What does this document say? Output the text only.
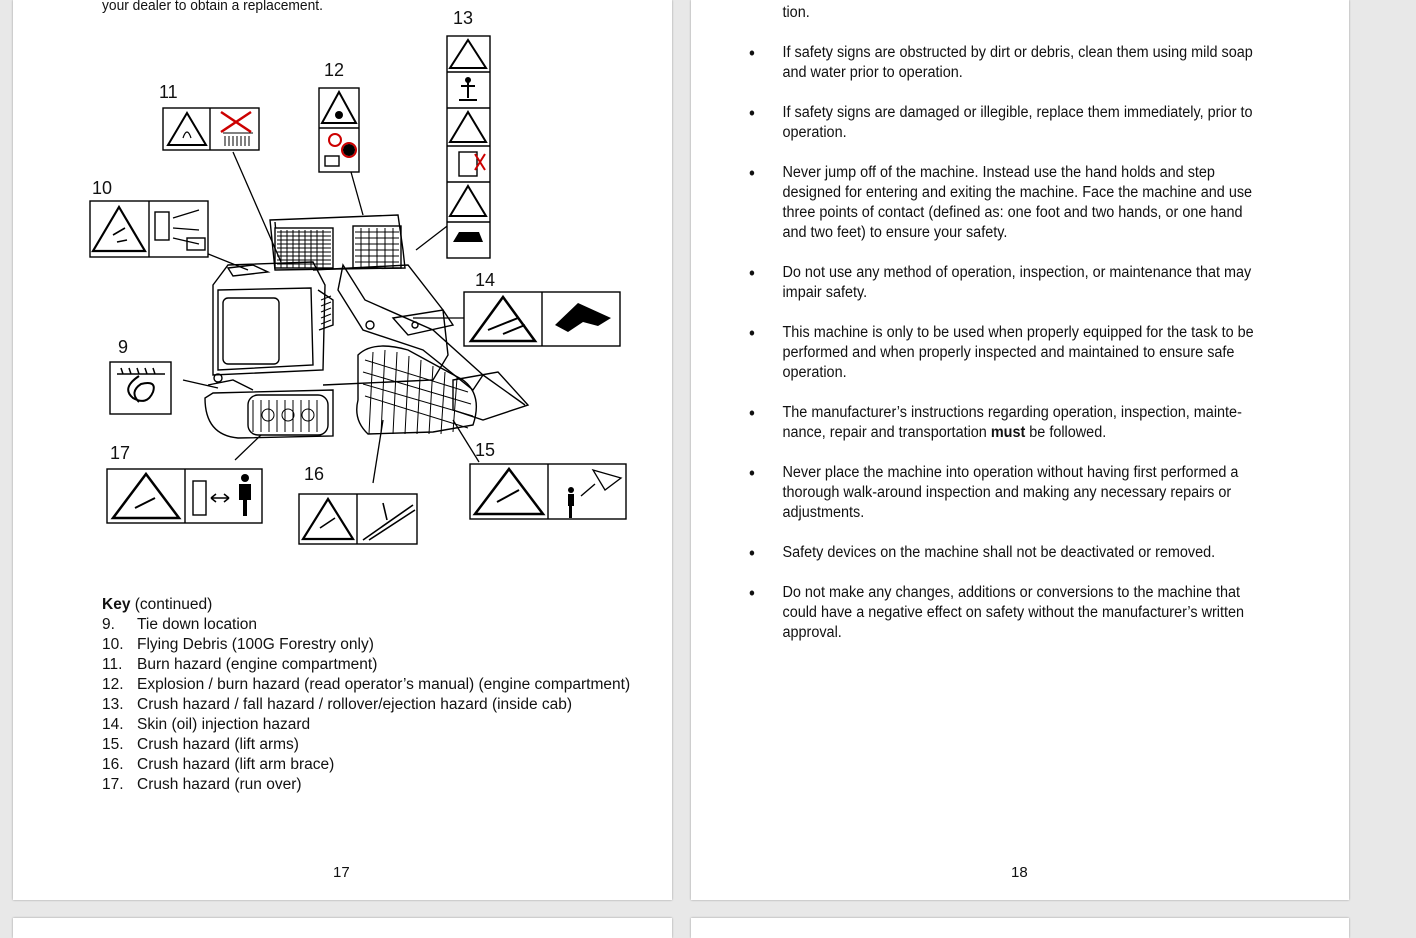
your dealer to obtain a replacement.
13
12
11
10
14
9
17	15
16
Key (continued)
9. Tie down location
10. Flying Debris (100G Forestry only)
11. Burn hazard (engine compartment)
12. Explosion / burn hazard (read operator’s manual) (engine compartment)
13. Crush hazard / fall hazard / rollover/ejection hazard (inside cab)
14. Skin (oil) injection hazard
15. Crush hazard (lift arms)
16. Crush hazard (lift arm brace)
17. Crush hazard (run over)
17
tion.
• If safety signs are obstructed by dirt or debris, clean them using mild soap and water prior to operation.
• If safety signs are damaged or illegible, replace them immediately, prior to operation.
• Never jump off of the machine. Instead use the hand holds and step designed for entering and exiting the machine. Face the machine and use three points of contact (defined as: one foot and two hands, or one hand and two feet) to ensure your safety.
• Do not use any method of operation, inspection, or maintenance that may impair safety.
• This machine is only to be used when properly equipped for the task to be performed and when properly inspected and maintained to ensure safe operation.
• The manufacturer’s instructions regarding operation, inspection, mainte-nance, repair and transportation must be followed.
• Never place the machine into operation without having first performed a thorough walk-around inspection and making any necessary repairs or adjustments.
• Safety devices on the machine shall not be deactivated or removed.
• Do not make any changes, additions or conversions to the machine that could have a negative effect on safety without the manufacturer’s written approval.
18
